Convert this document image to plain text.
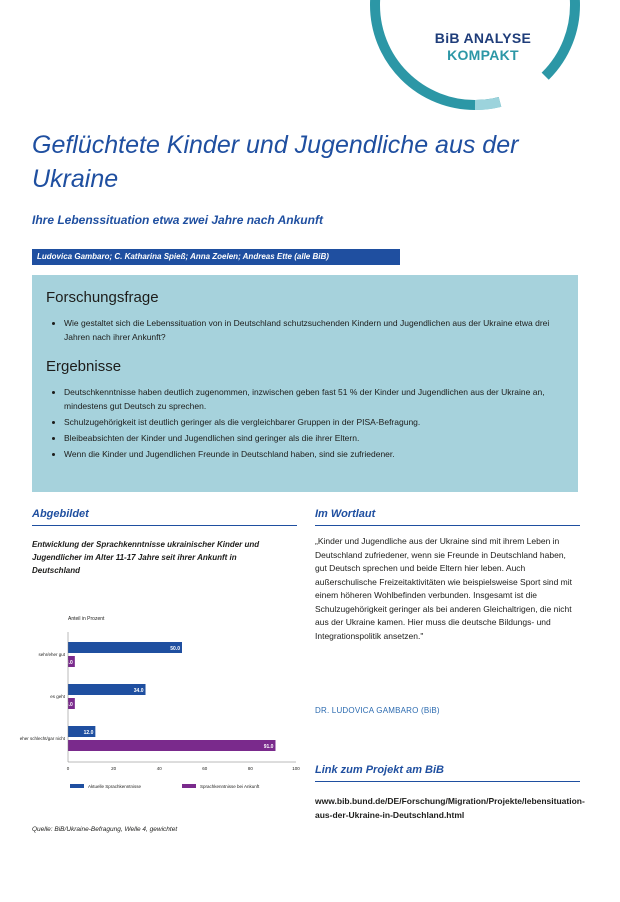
BiB ANALYSE
KOMPAKT
Geflüchtete Kinder und Jugendliche aus der Ukraine
Ihre Lebenssituation etwa zwei Jahre nach Ankunft
Ludovica Gambaro; C. Katharina Spieß; Anna Zoelen; Andreas Ette (alle BiB)
Forschungsfrage
• Wie gestaltet sich die Lebenssituation von in Deutschland schutzsuchenden Kindern und Jugendlichen aus der Ukraine etwa drei Jahren nach ihrer Ankunft?
Ergebnisse
• Deutschkenntnisse haben deutlich zugenommen, inzwischen geben fast 51 % der Kinder und Jugendlichen aus der Ukraine an, mindestens gut Deutsch zu sprechen.
• Schulzugehörigkeit ist deutlich geringer als die vergleichbarer Gruppen in der PISA-Befragung.
• Bleibeabsichten der Kinder und Jugendlichen sind geringer als die ihrer Eltern.
• Wenn die Kinder und Jugendlichen Freunde in Deutschland haben, sind sie zufriedener.
Abgebildet	Im Wortlaut
Entwicklung der Sprachkenntnisse ukrainischer Kinder und Jugendlicher im Alter 11-17 Jahre seit ihrer Ankunft in Deutschland
Anteil in Prozent
sehr/eher gut
50.0
3.0
es geht
34.0
3.0
eher schlecht/gar nicht
12.0
91.0
0	20	40	60	80	100
Aktuelle Sprachkenntnisse	Sprachkenntnisse bei Ankunft
Quelle: BiB/Ukraine-Befragung, Welle 4, gewichtet
„Kinder und Jugendliche aus der Ukraine sind mit ihrem Leben in Deutschland zufriedener, wenn sie Freunde in Deutschland haben, gut Deutsch sprechen und beide Eltern hier leben. Auch außerschulische Freizeitaktivitäten wie beispielsweise Sport sind mit einem höheren Wohlbefinden verbunden. Insgesamt ist die Schulzugehörigkeit geringer als bei anderen Gleichaltrigen, die nicht aus der Ukraine kamen. Hier muss die deutsche Bildungs- und Integrationspolitik ansetzen."
DR. LUDOVICA GAMBARO (BiB)
Link zum Projekt am BiB
www.bib.bund.de/DE/Forschung/Migration/Projekte/lebensituation-aus-der-Ukraine-in-Deutschland.html
